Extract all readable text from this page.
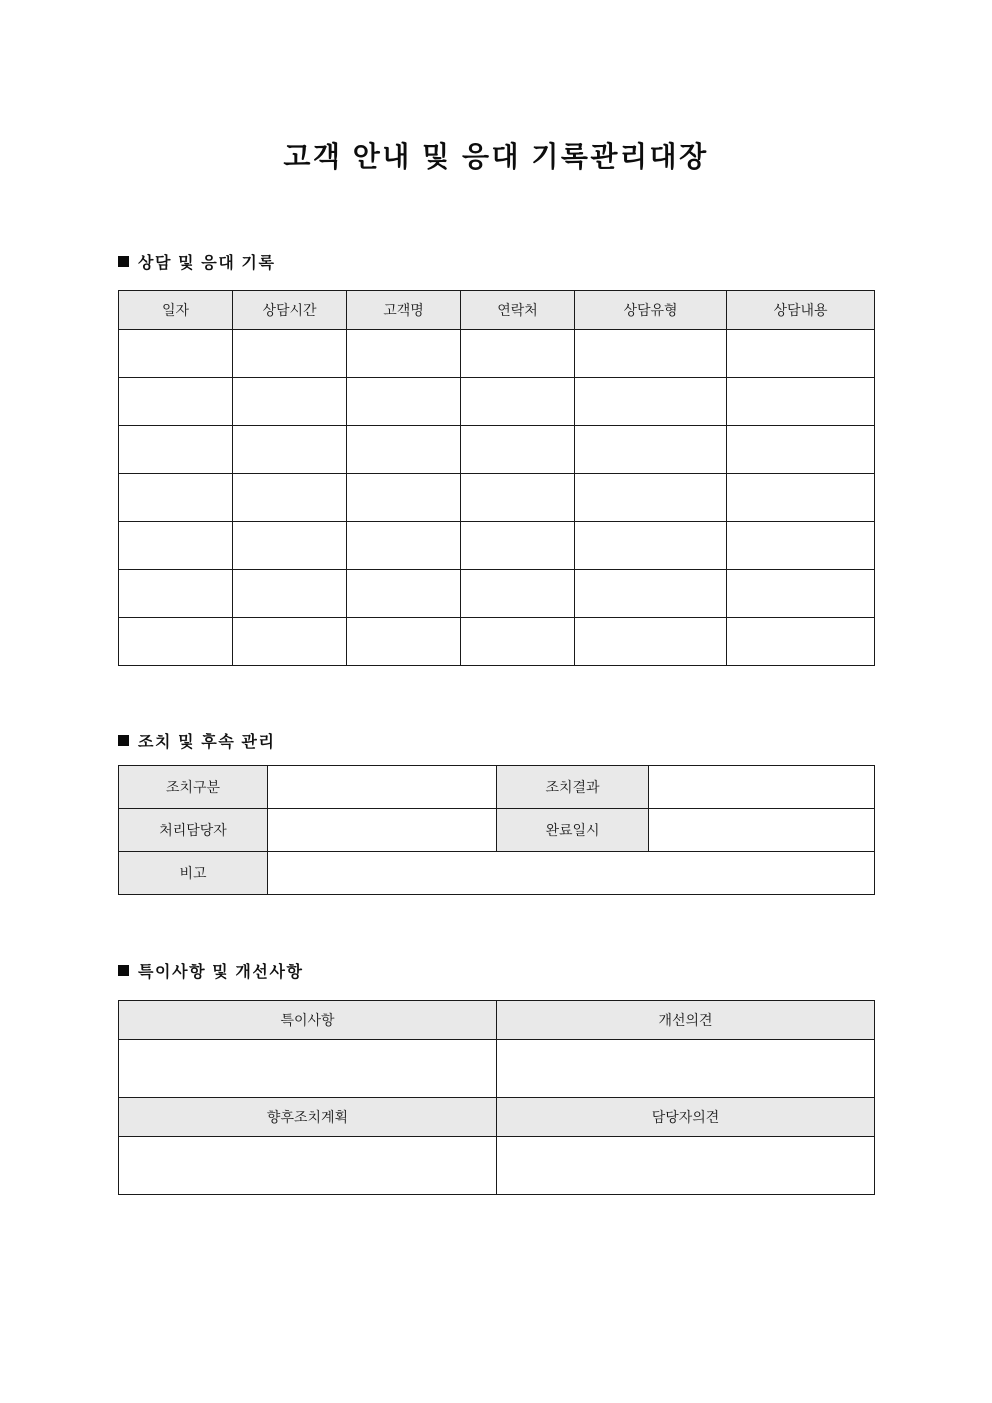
고객 안내 및 응대 기록관리대장
상담 및 응대 기록
일자	상담시간	고객명	연락처	상담유형	상담내용

조치 및 후속 관리
조치구분		조치결과	
처리담당자		완료일시	
비고			
특이사항 및 개선사항
특이사항	개선의견

향후조치계획	담당자의견
